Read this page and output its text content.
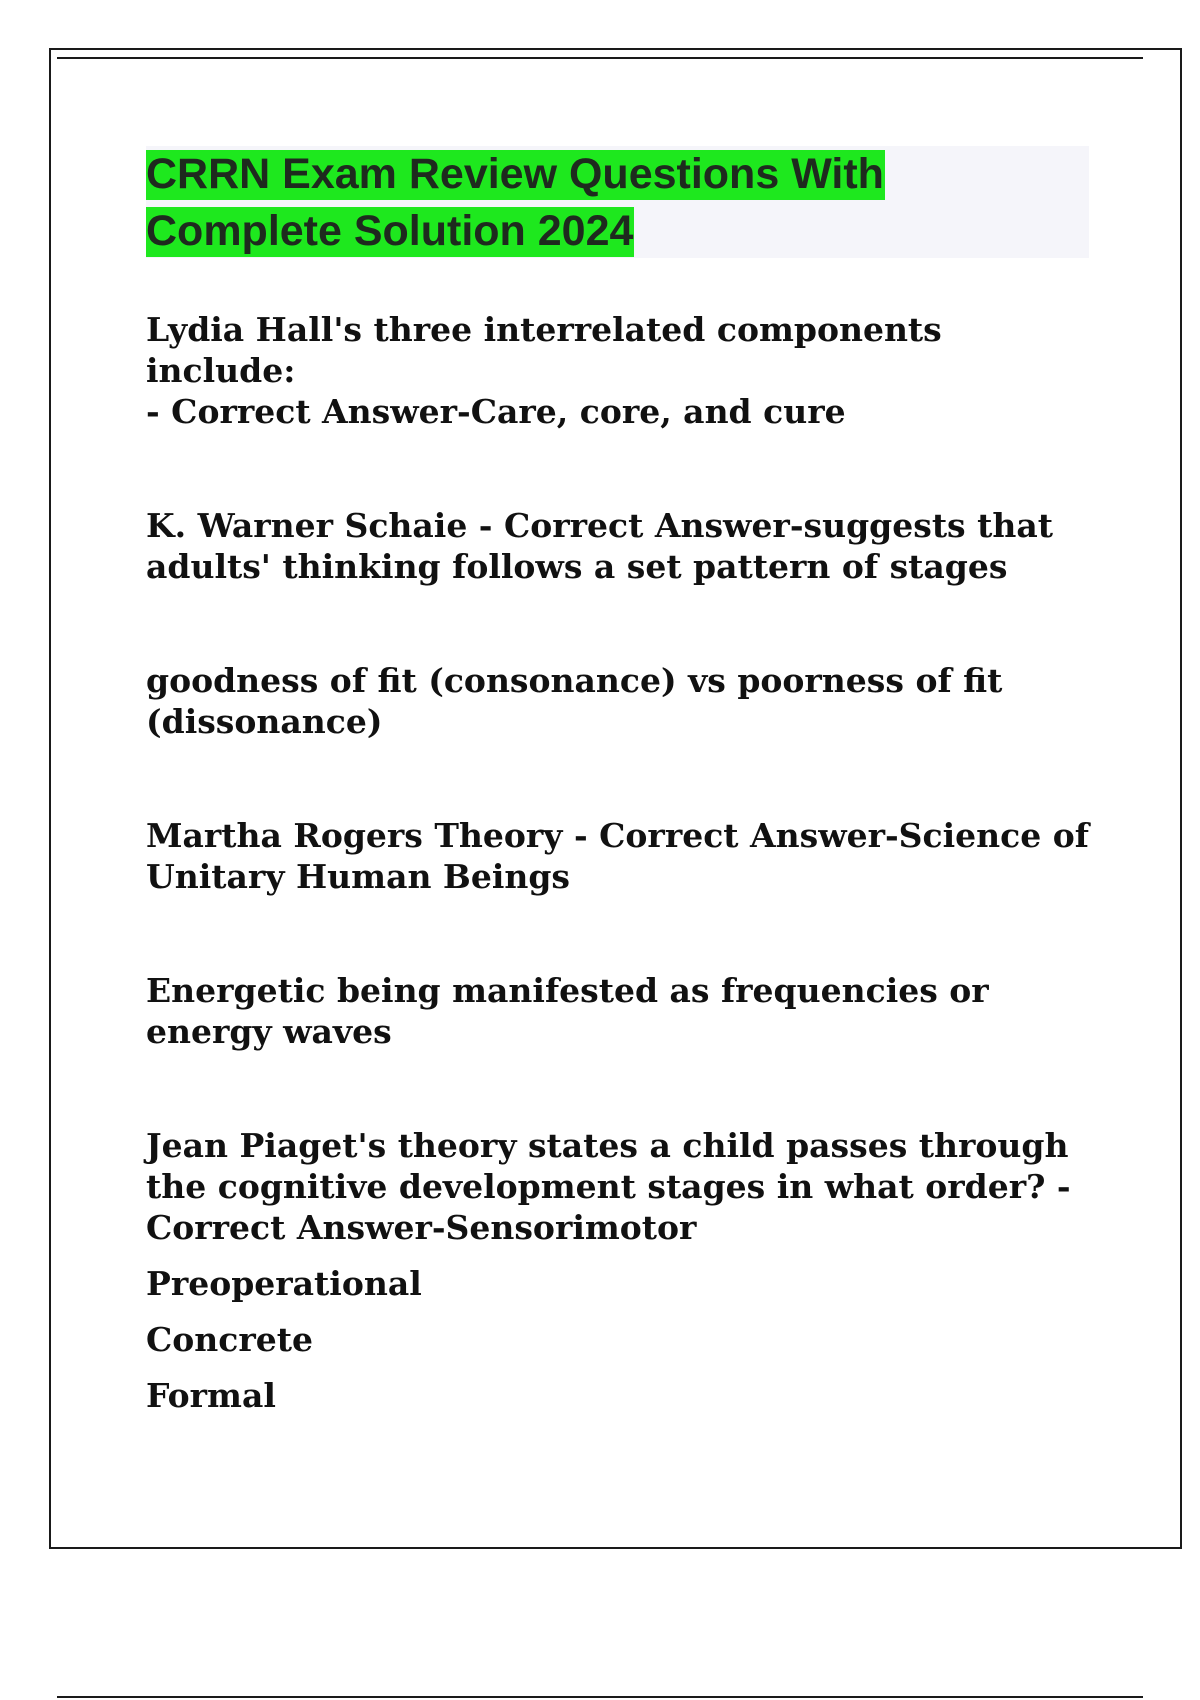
CRRN Exam Review Questions With
Complete Solution 2024

Lydia Hall's three interrelated components include:
- Correct Answer-Care, core, and cure

K. Warner Schaie - Correct Answer-suggests that
adults' thinking follows a set pattern of stages

goodness of fit (consonance) vs poorness of fit
(dissonance)

Martha Rogers Theory - Correct Answer-Science of
Unitary Human Beings

Energetic being manifested as frequencies or
energy waves

Jean Piaget's theory states a child passes through
the cognitive development stages in what order? -
Correct Answer-Sensorimotor
Preoperational
Concrete
Formal
